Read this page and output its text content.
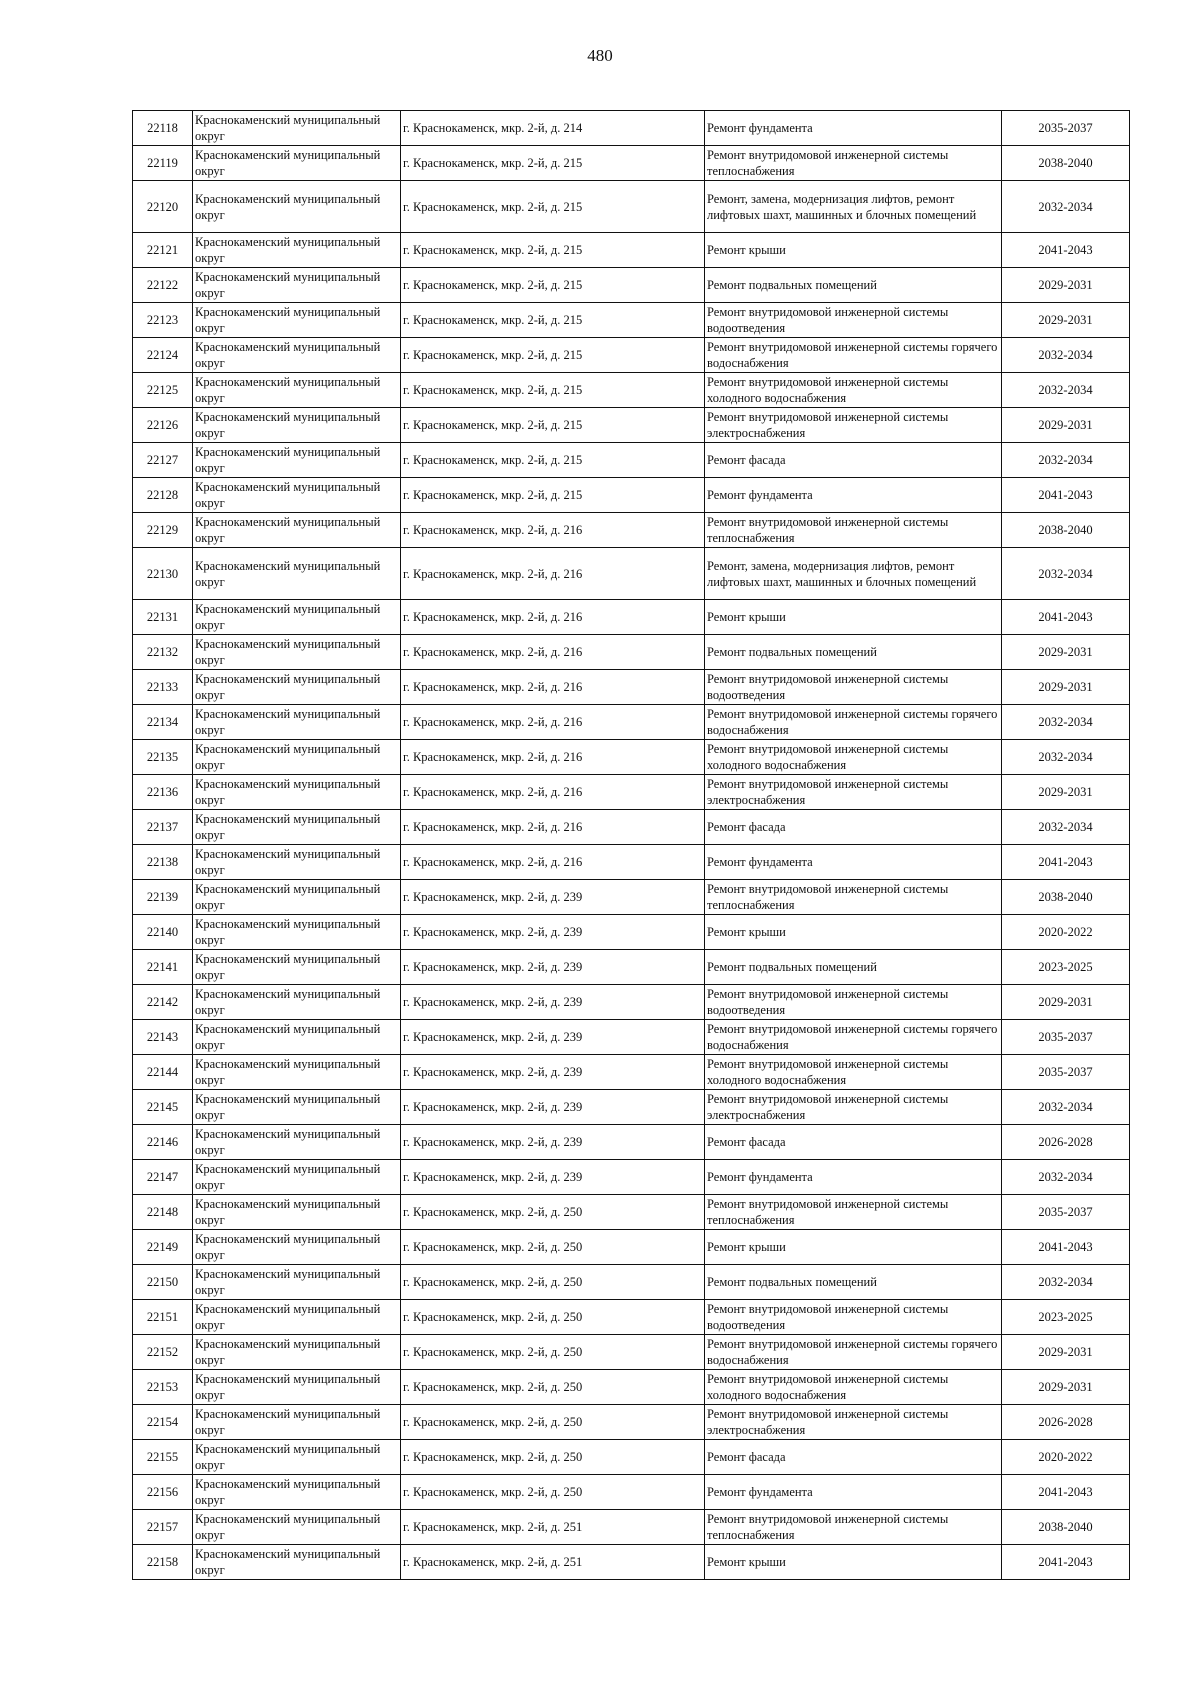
480
22118	Краснокаменский муниципальный округ	г. Краснокаменск, мкр. 2-й, д. 214	Ремонт фундамента	2035-2037
22119	Краснокаменский муниципальный округ	г. Краснокаменск, мкр. 2-й, д. 215	Ремонт внутридомовой инженерной системы теплоснабжения	2038-2040
22120	Краснокаменский муниципальный округ	г. Краснокаменск, мкр. 2-й, д. 215	Ремонт, замена, модернизация лифтов, ремонт лифтовых шахт, машинных и блочных помещений	2032-2034
22121	Краснокаменский муниципальный округ	г. Краснокаменск, мкр. 2-й, д. 215	Ремонт крыши	2041-2043
22122	Краснокаменский муниципальный округ	г. Краснокаменск, мкр. 2-й, д. 215	Ремонт подвальных помещений	2029-2031
22123	Краснокаменский муниципальный округ	г. Краснокаменск, мкр. 2-й, д. 215	Ремонт внутридомовой инженерной системы водоотведения	2029-2031
22124	Краснокаменский муниципальный округ	г. Краснокаменск, мкр. 2-й, д. 215	Ремонт внутридомовой инженерной системы горячего водоснабжения	2032-2034
22125	Краснокаменский муниципальный округ	г. Краснокаменск, мкр. 2-й, д. 215	Ремонт внутридомовой инженерной системы холодного водоснабжения	2032-2034
22126	Краснокаменский муниципальный округ	г. Краснокаменск, мкр. 2-й, д. 215	Ремонт внутридомовой инженерной системы электроснабжения	2029-2031
22127	Краснокаменский муниципальный округ	г. Краснокаменск, мкр. 2-й, д. 215	Ремонт фасада	2032-2034
22128	Краснокаменский муниципальный округ	г. Краснокаменск, мкр. 2-й, д. 215	Ремонт фундамента	2041-2043
22129	Краснокаменский муниципальный округ	г. Краснокаменск, мкр. 2-й, д. 216	Ремонт внутридомовой инженерной системы теплоснабжения	2038-2040
22130	Краснокаменский муниципальный округ	г. Краснокаменск, мкр. 2-й, д. 216	Ремонт, замена, модернизация лифтов, ремонт лифтовых шахт, машинных и блочных помещений	2032-2034
22131	Краснокаменский муниципальный округ	г. Краснокаменск, мкр. 2-й, д. 216	Ремонт крыши	2041-2043
22132	Краснокаменский муниципальный округ	г. Краснокаменск, мкр. 2-й, д. 216	Ремонт подвальных помещений	2029-2031
22133	Краснокаменский муниципальный округ	г. Краснокаменск, мкр. 2-й, д. 216	Ремонт внутридомовой инженерной системы водоотведения	2029-2031
22134	Краснокаменский муниципальный округ	г. Краснокаменск, мкр. 2-й, д. 216	Ремонт внутридомовой инженерной системы горячего водоснабжения	2032-2034
22135	Краснокаменский муниципальный округ	г. Краснокаменск, мкр. 2-й, д. 216	Ремонт внутридомовой инженерной системы холодного водоснабжения	2032-2034
22136	Краснокаменский муниципальный округ	г. Краснокаменск, мкр. 2-й, д. 216	Ремонт внутридомовой инженерной системы электроснабжения	2029-2031
22137	Краснокаменский муниципальный округ	г. Краснокаменск, мкр. 2-й, д. 216	Ремонт фасада	2032-2034
22138	Краснокаменский муниципальный округ	г. Краснокаменск, мкр. 2-й, д. 216	Ремонт фундамента	2041-2043
22139	Краснокаменский муниципальный округ	г. Краснокаменск, мкр. 2-й, д. 239	Ремонт внутридомовой инженерной системы теплоснабжения	2038-2040
22140	Краснокаменский муниципальный округ	г. Краснокаменск, мкр. 2-й, д. 239	Ремонт крыши	2020-2022
22141	Краснокаменский муниципальный округ	г. Краснокаменск, мкр. 2-й, д. 239	Ремонт подвальных помещений	2023-2025
22142	Краснокаменский муниципальный округ	г. Краснокаменск, мкр. 2-й, д. 239	Ремонт внутридомовой инженерной системы водоотведения	2029-2031
22143	Краснокаменский муниципальный округ	г. Краснокаменск, мкр. 2-й, д. 239	Ремонт внутридомовой инженерной системы горячего водоснабжения	2035-2037
22144	Краснокаменский муниципальный округ	г. Краснокаменск, мкр. 2-й, д. 239	Ремонт внутридомовой инженерной системы холодного водоснабжения	2035-2037
22145	Краснокаменский муниципальный округ	г. Краснокаменск, мкр. 2-й, д. 239	Ремонт внутридомовой инженерной системы электроснабжения	2032-2034
22146	Краснокаменский муниципальный округ	г. Краснокаменск, мкр. 2-й, д. 239	Ремонт фасада	2026-2028
22147	Краснокаменский муниципальный округ	г. Краснокаменск, мкр. 2-й, д. 239	Ремонт фундамента	2032-2034
22148	Краснокаменский муниципальный округ	г. Краснокаменск, мкр. 2-й, д. 250	Ремонт внутридомовой инженерной системы теплоснабжения	2035-2037
22149	Краснокаменский муниципальный округ	г. Краснокаменск, мкр. 2-й, д. 250	Ремонт крыши	2041-2043
22150	Краснокаменский муниципальный округ	г. Краснокаменск, мкр. 2-й, д. 250	Ремонт подвальных помещений	2032-2034
22151	Краснокаменский муниципальный округ	г. Краснокаменск, мкр. 2-й, д. 250	Ремонт внутридомовой инженерной системы водоотведения	2023-2025
22152	Краснокаменский муниципальный округ	г. Краснокаменск, мкр. 2-й, д. 250	Ремонт внутридомовой инженерной системы горячего водоснабжения	2029-2031
22153	Краснокаменский муниципальный округ	г. Краснокаменск, мкр. 2-й, д. 250	Ремонт внутридомовой инженерной системы холодного водоснабжения	2029-2031
22154	Краснокаменский муниципальный округ	г. Краснокаменск, мкр. 2-й, д. 250	Ремонт внутридомовой инженерной системы электроснабжения	2026-2028
22155	Краснокаменский муниципальный округ	г. Краснокаменск, мкр. 2-й, д. 250	Ремонт фасада	2020-2022
22156	Краснокаменский муниципальный округ	г. Краснокаменск, мкр. 2-й, д. 250	Ремонт фундамента	2041-2043
22157	Краснокаменский муниципальный округ	г. Краснокаменск, мкр. 2-й, д. 251	Ремонт внутридомовой инженерной системы теплоснабжения	2038-2040
22158	Краснокаменский муниципальный округ	г. Краснокаменск, мкр. 2-й, д. 251	Ремонт крыши	2041-2043
